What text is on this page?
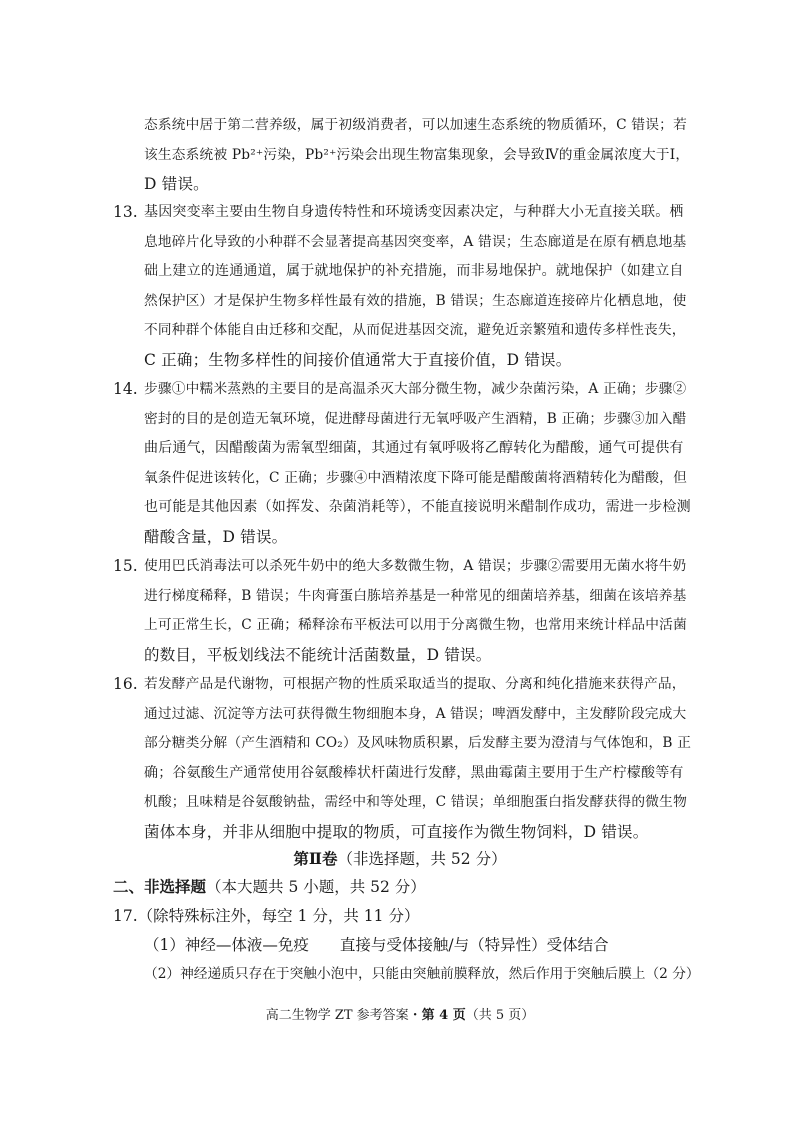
态系统中居于第二营养级，属于初级消费者，可以加速生态系统的物质循环，C 错误；若
该生态系统被 Pb²⁺污染，Pb²⁺污染会出现生物富集现象，会导致Ⅳ的重金属浓度大于Ⅰ，
D 错误。
13. 基因突变率主要由生物自身遗传特性和环境诱变因素决定，与种群大小无直接关联。栖
息地碎片化导致的小种群不会显著提高基因突变率，A 错误；生态廊道是在原有栖息地基
础上建立的连通通道，属于就地保护的补充措施，而非易地保护。就地保护（如建立自
然保护区）才是保护生物多样性最有效的措施，B 错误；生态廊道连接碎片化栖息地，使
不同种群个体能自由迁移和交配，从而促进基因交流，避免近亲繁殖和遗传多样性丧失，
C 正确；生物多样性的间接价值通常大于直接价值，D 错误。
14. 步骤①中糯米蒸熟的主要目的是高温杀灭大部分微生物，减少杂菌污染，A 正确；步骤②
密封的目的是创造无氧环境，促进酵母菌进行无氧呼吸产生酒精，B 正确；步骤③加入醋
曲后通气，因醋酸菌为需氧型细菌，其通过有氧呼吸将乙醇转化为醋酸，通气可提供有
氧条件促进该转化，C 正确；步骤④中酒精浓度下降可能是醋酸菌将酒精转化为醋酸，但
也可能是其他因素（如挥发、杂菌消耗等），不能直接说明米醋制作成功，需进一步检测
醋酸含量，D 错误。
15. 使用巴氏消毒法可以杀死牛奶中的绝大多数微生物，A 错误；步骤②需要用无菌水将牛奶
进行梯度稀释，B 错误；牛肉膏蛋白胨培养基是一种常见的细菌培养基，细菌在该培养基
上可正常生长，C 正确；稀释涂布平板法可以用于分离微生物，也常用来统计样品中活菌
的数目，平板划线法不能统计活菌数量，D 错误。
16. 若发酵产品是代谢物，可根据产物的性质采取适当的提取、分离和纯化措施来获得产品，
通过过滤、沉淀等方法可获得微生物细胞本身，A 错误；啤酒发酵中，主发酵阶段完成大
部分糖类分解（产生酒精和 CO₂）及风味物质积累，后发酵主要为澄清与气体饱和，B 正
确；谷氨酸生产通常使用谷氨酸棒状杆菌进行发酵，黑曲霉菌主要用于生产柠檬酸等有
机酸；且味精是谷氨酸钠盐，需经中和等处理，C 错误；单细胞蛋白指发酵获得的微生物
菌体本身，并非从细胞中提取的物质，可直接作为微生物饲料，D 错误。
第Ⅱ卷（非选择题，共 52 分）
二、非选择题（本大题共 5 小题，共 52 分）
17.（除特殊标注外，每空 1 分，共 11 分）
（1）神经—体液—免疫　　直接与受体接触/与（特异性）受体结合
（2）神经递质只存在于突触小泡中，只能由突触前膜释放，然后作用于突触后膜上（2 分）
高二生物学 ZT 参考答案・第 4 页（共 5 页）
